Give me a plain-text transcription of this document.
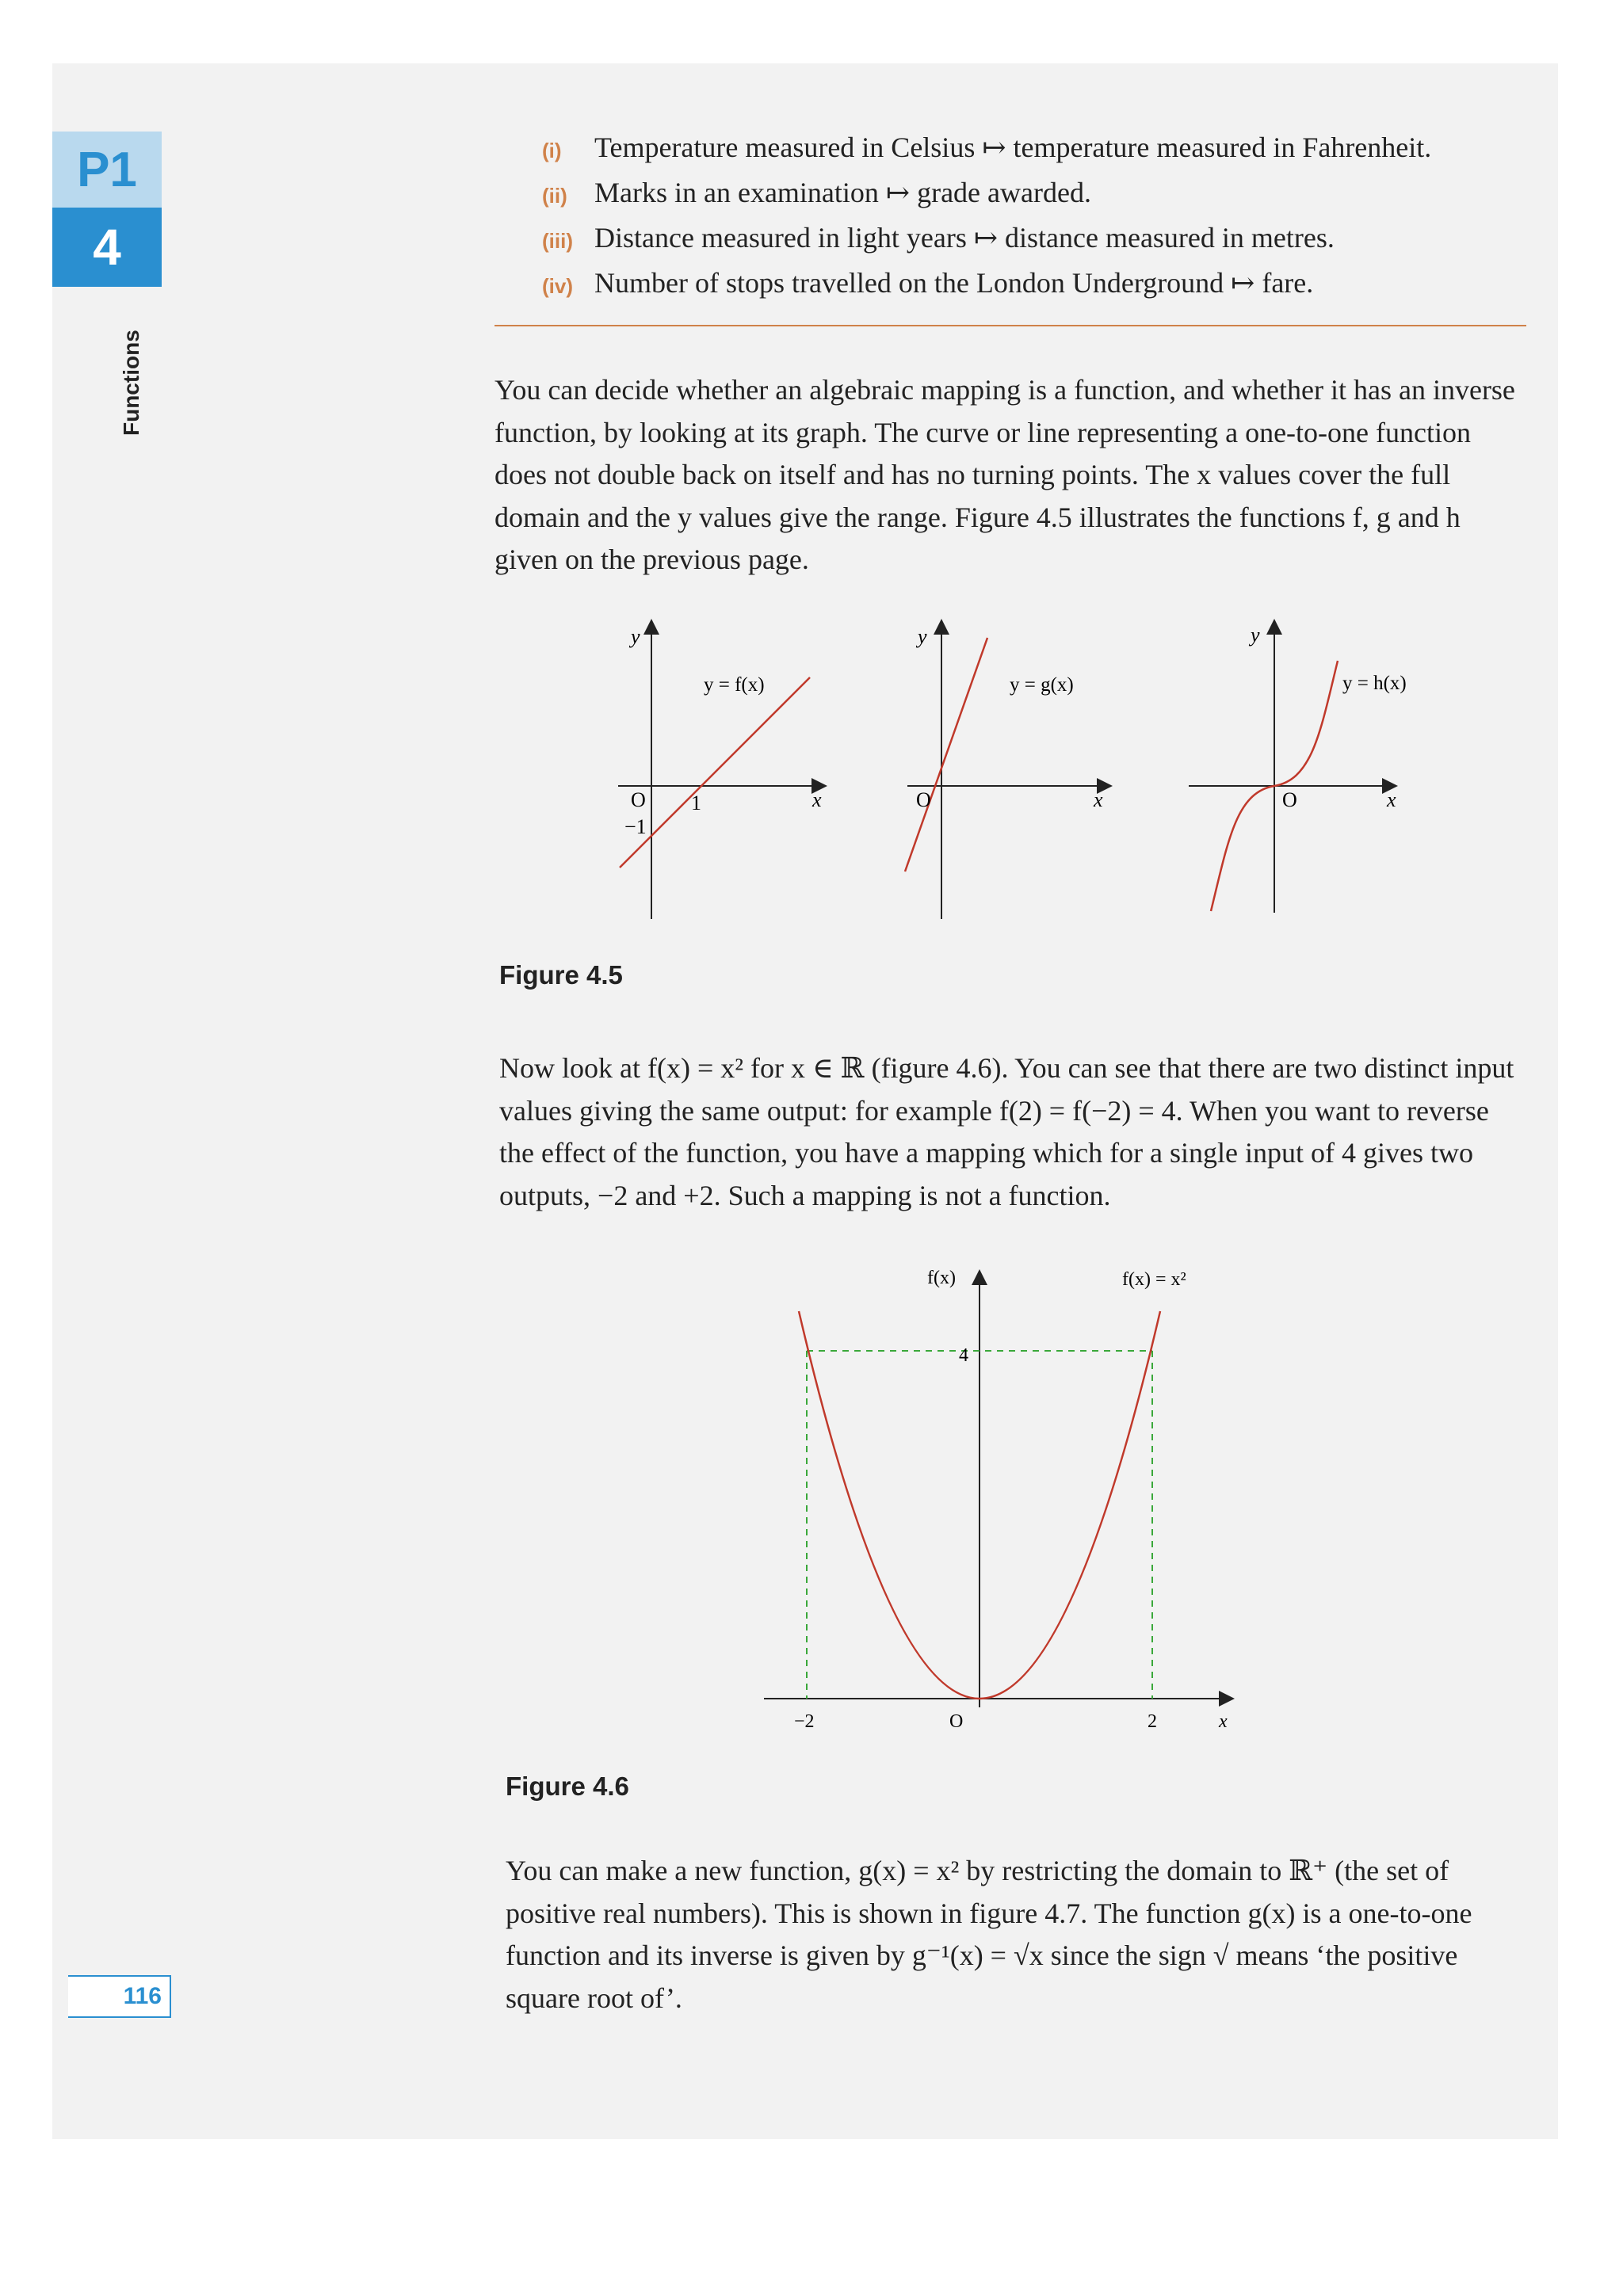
P1
4
Functions
116
(i)	Temperature measured in Celsius ↦ temperature measured in Fahrenheit.
(ii) Marks in an examination ↦ grade awarded.
(iii) Distance measured in light years ↦ distance measured in metres.
(iv) Number of stops travelled on the London Underground ↦ fare.
You can decide whether an algebraic mapping is a function, and whether it has an inverse function, by looking at its graph. The curve or line representing a one-to-one function does not double back on itself and has no turning points. The x values cover the full domain and the y values give the range. Figure 4.5 illustrates the functions f, g and h given on the previous page.
y
x
O 1
−1
y = f(x)
y
x
O
y = g(x)
y
x
O
y = h(x)
Figure 4.5
Now look at f(x) = x² for x ∈ ℝ (figure 4.6). You can see that there are two distinct input values giving the same output: for example f(2) = f(−2) = 4. When you want to reverse the effect of the function, you have a mapping which for a single input of 4 gives two outputs, −2 and +2. Such a mapping is not a function.
f(x)	f(x) = x²
4
−2	2
O	x
Figure 4.6
You can make a new function, g(x) = x² by restricting the domain to ℝ⁺ (the set of positive real numbers). This is shown in figure 4.7. The function g(x) is a one-to-one function and its inverse is given by g⁻¹(x) = √x since the sign √ means ‘the positive square root of’.
